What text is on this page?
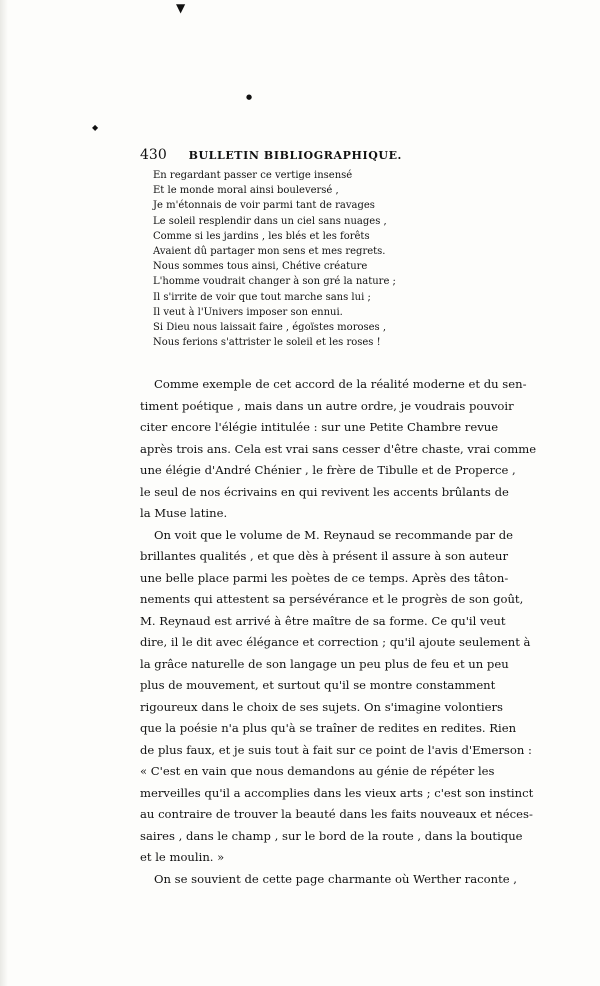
▼
●
◆
430 BULLETIN BIBLIOGRAPHIQUE.
En regardant passer ce vertige insensé
Et le monde moral ainsi bouleversé ,
Je m'étonnais de voir parmi tant de ravages
Le soleil resplendir dans un ciel sans nuages ,
Comme si les jardins , les blés et les forêts
Avaient dû partager mon sens et mes regrets.
Nous sommes tous ainsi, Chétive créature
L'homme voudrait changer à son gré la nature ;
Il s'irrite de voir que tout marche sans lui ;
Il veut à l'Univers imposer son ennui.
Si Dieu nous laissait faire , égoïstes moroses ,
Nous ferions s'attrister le soleil et les roses !
Comme exemple de cet accord de la réalité moderne et du sen-
timent poétique , mais dans un autre ordre, je voudrais pouvoir
citer encore l'élégie intitulée : sur une Petite Chambre revue
après trois ans. Cela est vrai sans cesser d'être chaste, vrai comme
une élégie d'André Chénier , le frère de Tibulle et de Properce ,
le seul de nos écrivains en qui revivent les accents brûlants de
la Muse latine.
On voit que le volume de M. Reynaud se recommande par de
brillantes qualités , et que dès à présent il assure à son auteur
une belle place parmi les poètes de ce temps. Après des tâton-
nements qui attestent sa persévérance et le progrès de son goût,
M. Reynaud est arrivé à être maître de sa forme. Ce qu'il veut
dire, il le dit avec élégance et correction ; qu'il ajoute seulement à
la grâce naturelle de son langage un peu plus de feu et un peu
plus de mouvement, et surtout qu'il se montre constamment
rigoureux dans le choix de ses sujets. On s'imagine volontiers
que la poésie n'a plus qu'à se traîner de redites en redites. Rien
de plus faux, et je suis tout à fait sur ce point de l'avis d'Emerson :
« C'est en vain que nous demandons au génie de répéter les
merveilles qu'il a accomplies dans les vieux arts ; c'est son instinct
au contraire de trouver la beauté dans les faits nouveaux et néces-
saires , dans le champ , sur le bord de la route , dans la boutique
et le moulin. »
On se souvient de cette page charmante où Werther raconte ,
